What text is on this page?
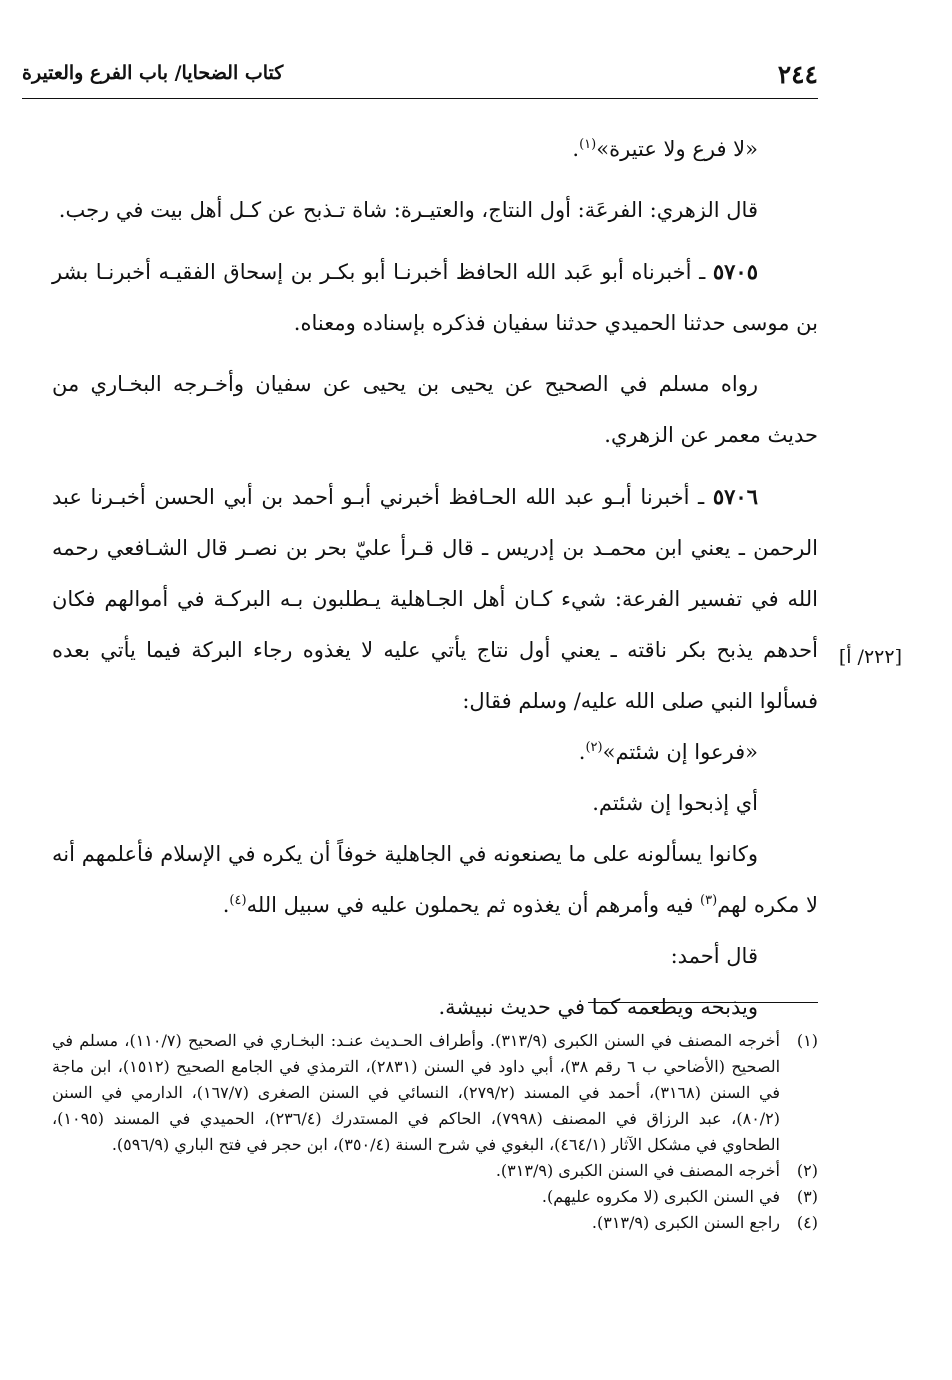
٢٤٤
كتاب الضحايا/ باب الفرع والعتيرة

«لا فرع ولا عتيرة»$^{(١)}$.

قال الزهري: الفرعَة: أول النتاج، والعتيـرة: شاة تـذبح عن كـل أهل بيت في رجب.

٥٧٠٥ ـ أخبرناه أبو عَبد الله الحافظ أخبرنـا أبو بكـر بن إسحاق الفقيـه أخبرنـا بشر بن موسى حدثنا الحميدي حدثنا سفيان فذكره بإسناده ومعناه.

رواه مسلم في الصحيح عن يحيى بن يحيى عن سفيان وأخـرجه البخـاري من حديث معمر عن الزهري.

٥٧٠٦ ـ أخبرنا أبـو عبد الله الحـافظ أخبرني أبـو أحمد بن أبي الحسن أخبـرنا عبد الرحمن ـ يعني ابن محمـد بن إدريس ـ قال قـرأ عليّ بحر بن نصـر قال الشـافعي رحمه الله في تفسير الفرعة: شيء كـان أهل الجـاهلية يـطلبون بـه البركـة في أموالهم فكان أحدهم يذبح بكر ناقته ـ يعني أول نتاج يأتي عليه لا يغذوه رجاء البركة فيما يأتي بعده فسألوا النبي صلى الله عليه/ وسلم فقال:

«فرعوا إن شئتم»$^{(٢)}$.

أي إذبحوا إن شئتم.

وكانوا يسألونه على ما يصنعونه في الجاهلية خوفاً أن يكره في الإسلام فأعلمهم أنه لا مكره لهم$^{(٣)}$ فيه وأمرهم أن يغذوه ثم يحملون عليه في سبيل الله$^{(٤)}$.

قال أحمد:

ويذبحه ويطعمه كما في حديث نبيشة.

[٢٢٢/ أ]

(١)
أخرجه المصنف في السنن الكبرى (٣١٣/٩). وأطراف الحـديث عنـد: البخـاري في الصحيح (١١٠/٧)، مسلم في الصحيح (الأضاحي ب ٦ رقم ٣٨)، أبي داود في السنن (٢٨٣١)، الترمذي في الجامع الصحيح (١٥١٢)، ابن ماجة في السنن (٣١٦٨)، أحمد في المسند (٢٧٩/٢)، النسائي في السنن الصغرى (١٦٧/٧)، الدارمي في السنن (٨٠/٢)، عبد الرزاق في المصنف (٧٩٩٨)، الحاكم في المستدرك (٢٣٦/٤)، الحميدي في المسند (١٠٩٥)، الطحاوي في مشكل الآثار (٤٦٤/١)، البغوي في شرح السنة (٣٥٠/٤)، ابن حجر في فتح الباري (٥٩٦/٩).

(٢)
أخرجه المصنف في السنن الكبرى (٣١٣/٩).

(٣)
في السنن الكبرى (لا مكروه عليهم).

(٤)
راجع السنن الكبرى (٣١٣/٩).
